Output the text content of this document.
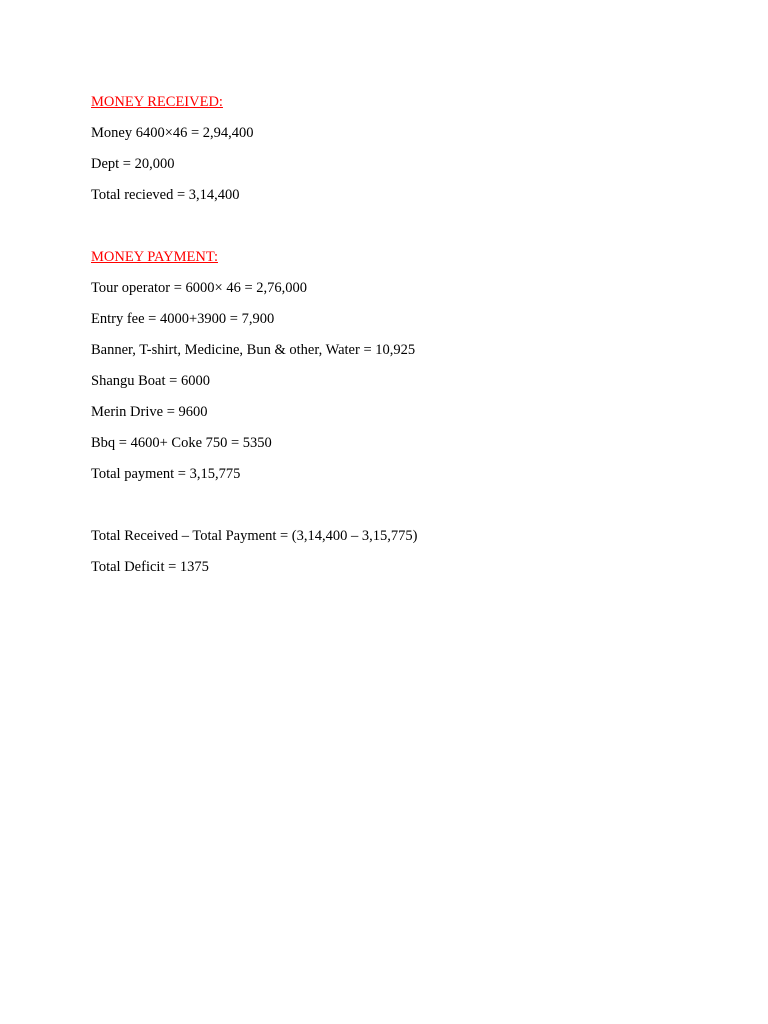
MONEY RECEIVED:
Money 6400×46 = 2,94,400
Dept = 20,000
Total recieved = 3,14,400
MONEY PAYMENT:
Tour operator = 6000× 46 = 2,76,000
Entry fee = 4000+3900 = 7,900
Banner, T-shirt, Medicine, Bun & other, Water = 10,925
Shangu Boat = 6000
Merin Drive = 9600
Bbq = 4600+ Coke 750 = 5350
Total payment = 3,15,775
Total Received – Total Payment = (3,14,400 – 3,15,775)
Total Deficit = 1375
